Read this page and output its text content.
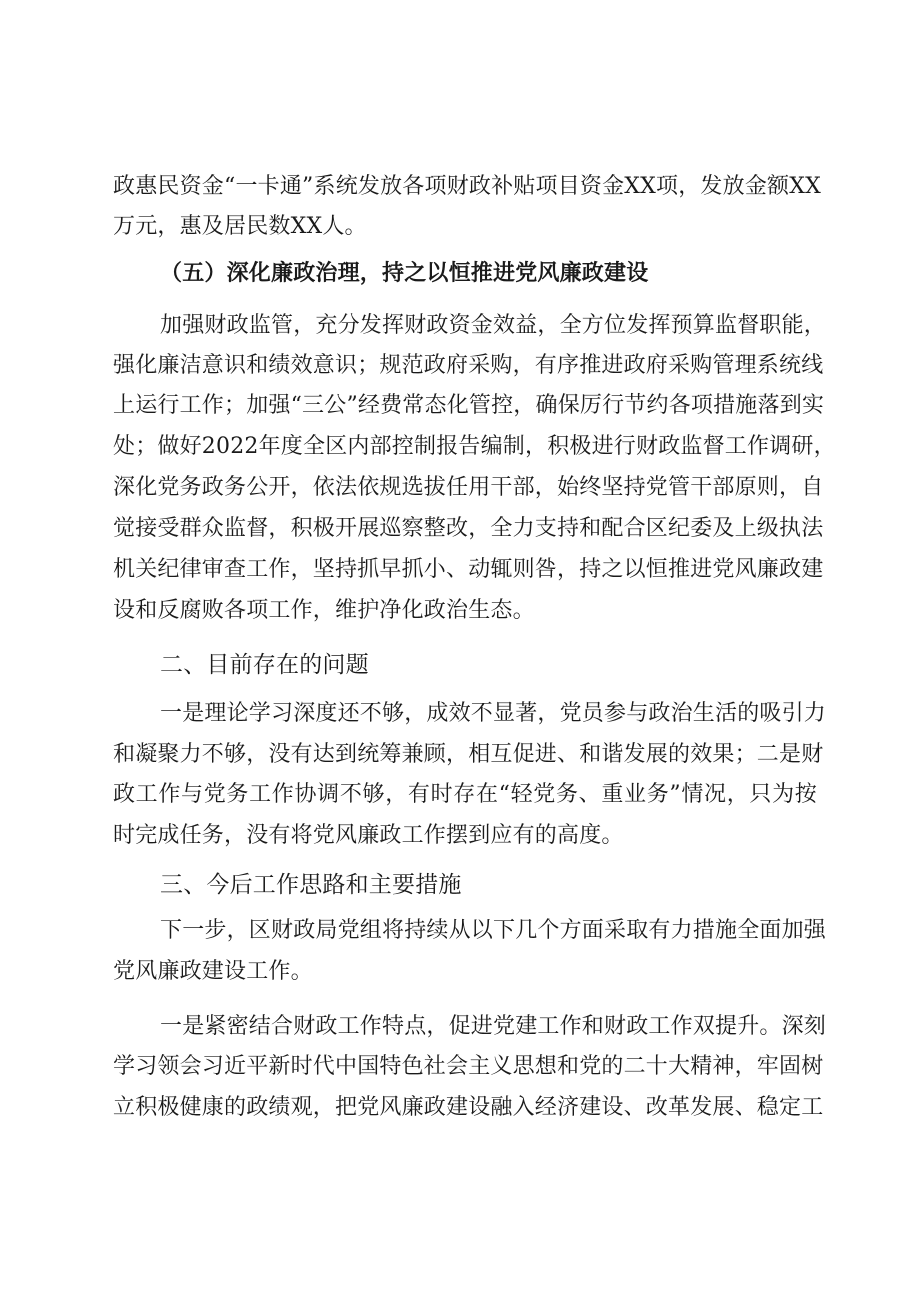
政惠民资金“一卡通”系统发放各项财政补贴项目资金XX项，发放金额XX

万元，惠及居民数XX人。

（五）深化廉政治理，持之以恒推进党风廉政建设

加强财政监管，充分发挥财政资金效益，全方位发挥预算监督职能，

强化廉洁意识和绩效意识；规范政府采购，有序推进政府采购管理系统线

上运行工作；加强“三公”经费常态化管控，确保厉行节约各项措施落到实

处；做好2022年度全区内部控制报告编制，积极进行财政监督工作调研，

深化党务政务公开，依法依规选拔任用干部，始终坚持党管干部原则，自

觉接受群众监督，积极开展巡察整改，全力支持和配合区纪委及上级执法

机关纪律审查工作，坚持抓早抓小、动辄则咎，持之以恒推进党风廉政建

设和反腐败各项工作，维护净化政治生态。

二、目前存在的问题

一是理论学习深度还不够，成效不显著，党员参与政治生活的吸引力

和凝聚力不够，没有达到统筹兼顾，相互促进、和谐发展的效果；二是财

政工作与党务工作协调不够，有时存在“轻党务、重业务”情况，只为按

时完成任务，没有将党风廉政工作摆到应有的高度。

三、今后工作思路和主要措施

下一步，区财政局党组将持续从以下几个方面采取有力措施全面加强

党风廉政建设工作。

一是紧密结合财政工作特点，促进党建工作和财政工作双提升。深刻

学习领会习近平新时代中国特色社会主义思想和党的二十大精神，牢固树

立积极健康的政绩观，把党风廉政建设融入经济建设、改革发展、稳定工
